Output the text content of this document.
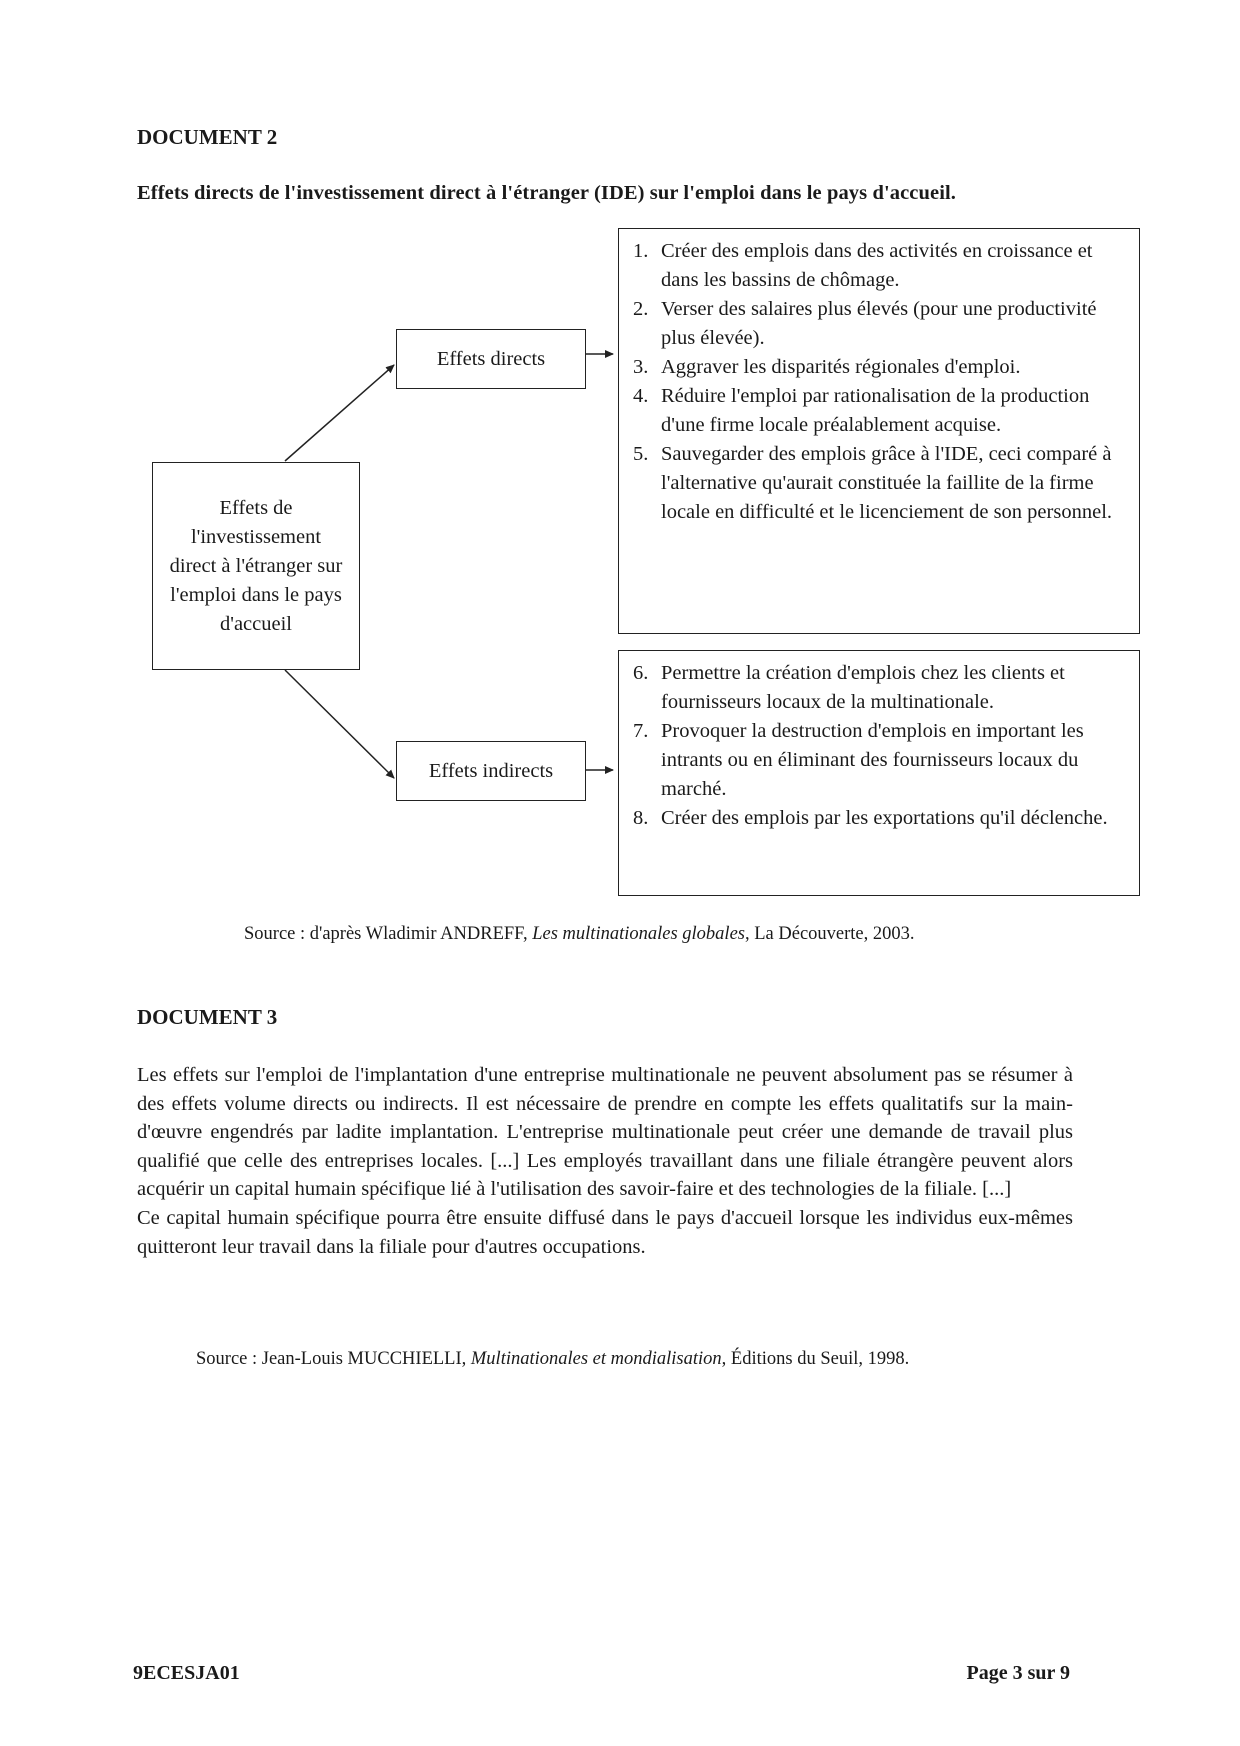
DOCUMENT 2
Effets directs de l'investissement direct à l'étranger (IDE) sur l'emploi dans le pays d'accueil.
Effets de l'investissement direct à l'étranger sur l'emploi dans le pays d'accueil
Effets directs
Effets indirects
1. Créer des emplois dans des activités en croissance et dans les bassins de chômage.
2. Verser des salaires plus élevés (pour une productivité plus élevée).
3. Aggraver les disparités régionales d'emploi.
4. Réduire l'emploi par rationalisation de la production d'une firme locale préalablement acquise.
5. Sauvegarder des emplois grâce à l'IDE, ceci comparé à l'alternative qu'aurait constituée la faillite de la firme locale en difficulté et le licenciement de son personnel.
6. Permettre la création d'emplois chez les clients et fournisseurs locaux de la multinationale.
7. Provoquer la destruction d'emplois en important les intrants ou en éliminant des fournisseurs locaux du marché.
8. Créer des emplois par les exportations qu'il déclenche.
Source : d'après Wladimir ANDREFF, Les multinationales globales, La Découverte, 2003.
DOCUMENT 3

Les effets sur l'emploi de l'implantation d'une entreprise multinationale ne peuvent absolument pas se résumer à des effets volume directs ou indirects. Il est nécessaire de prendre en compte les effets qualitatifs sur la main-d'œuvre engendrés par ladite implantation. L'entreprise multinationale peut créer une demande de travail plus qualifié que celle des entreprises locales. [...] Les employés travaillant dans une filiale étrangère peuvent alors acquérir un capital humain spécifique lié à l'utilisation des savoir-faire et des technologies de la filiale. [...]

Ce capital humain spécifique pourra être ensuite diffusé dans le pays d'accueil lorsque les individus eux-mêmes quitteront leur travail dans la filiale pour d'autres occupations.

Source : Jean-Louis MUCCHIELLI, Multinationales et mondialisation, Éditions du Seuil, 1998.
9ECESJA01	Page 3 sur 9
